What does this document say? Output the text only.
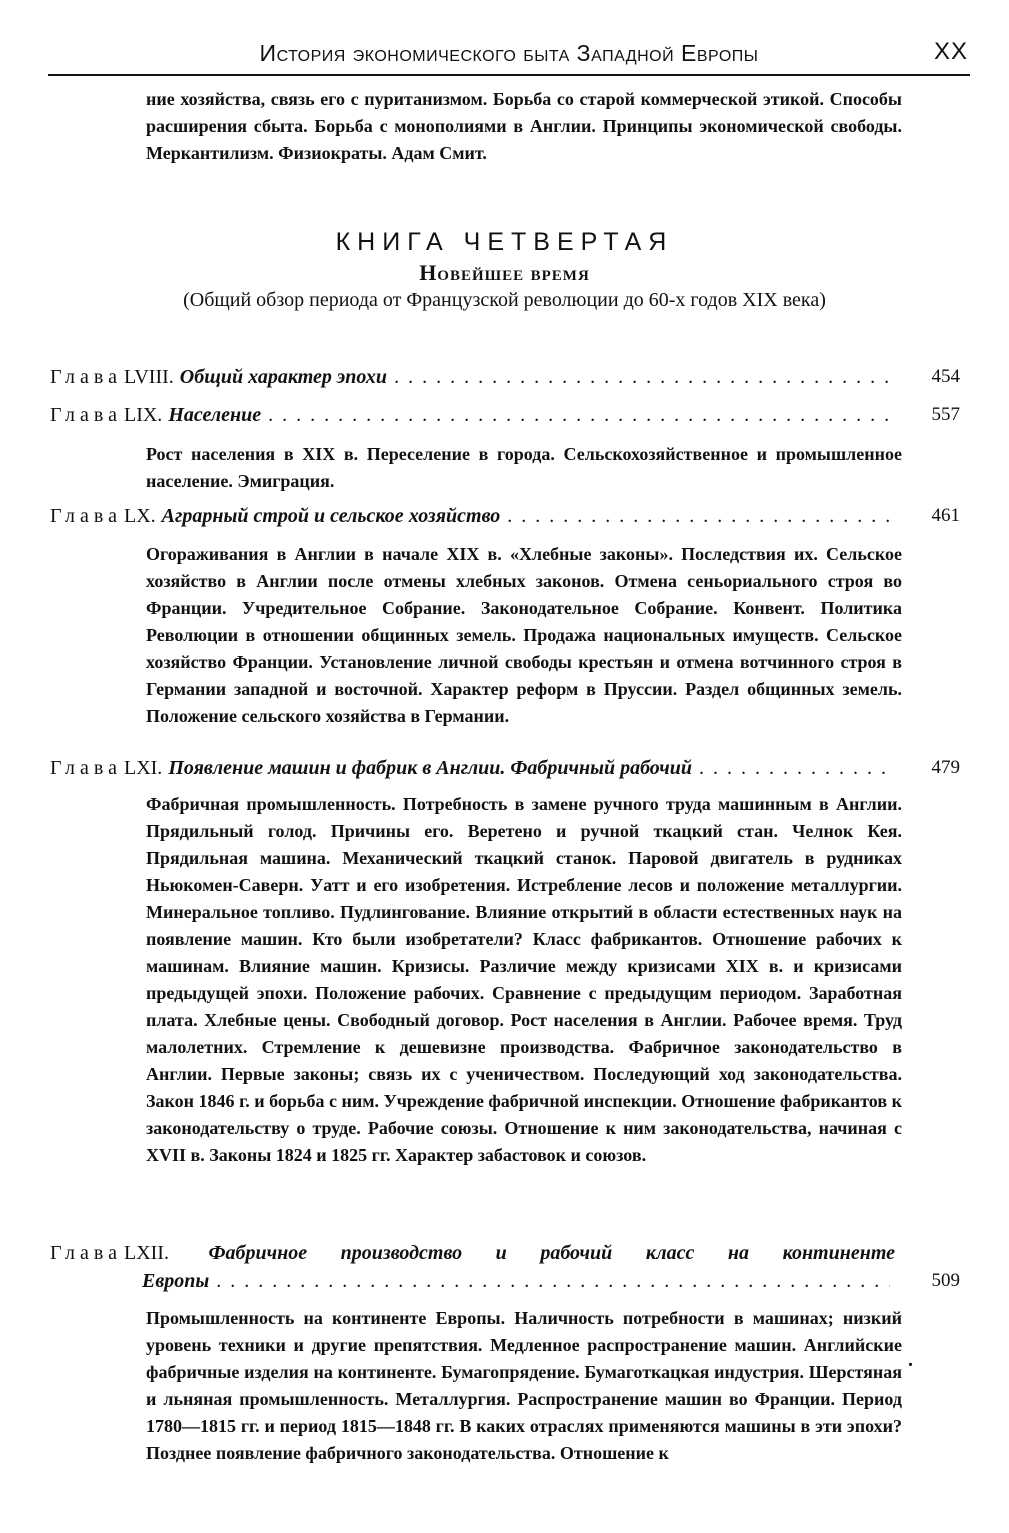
История экономического быта Западной Европы	XX
ние хозяйства, связь его с пуританизмом. Борьба со старой коммерческой этикой. Способы расширения сбыта. Борьба с монополиями в Англии. Принципы экономической свободы. Меркантилизм. Физиократы. Адам Смит.
КНИГА ЧЕТВЕРТАЯ
Новейшее время
(Общий обзор периода от Французской революции до 60-х годов XIX века)
Глава LVIII. Общий характер эпохи . . .	454
Глава LIX. Население . . .	557
Рост населения в XIX в. Переселение в города. Сельскохозяйственное и промышленное население. Эмиграция.
Глава LX. Аграрный строй и сельское хозяйство . . .	461
Огораживания в Англии в начале XIX в. «Хлебные законы». Последствия их. Сельское хозяйство в Англии после отмены хлебных законов. Отмена сеньориального строя во Франции. Учредительное Собрание. Законодательное Собрание. Конвент. Политика Революции в отношении общинных земель. Продажа национальных имуществ. Сельское хозяйство Франции. Установление личной свободы крестьян и отмена вотчинного строя в Германии западной и восточной. Характер реформ в Пруссии. Раздел общинных земель. Положение сельского хозяйства в Германии.
Глава LXI. Появление машин и фабрик в Англии. Фабричный рабочий . . .	479
Фабричная промышленность. Потребность в замене ручного труда машинным в Англии. Прядильный голод. Причины его. Веретено и ручной ткацкий стан. Челнок Кея. Прядильная машина. Механический ткацкий станок. Паровой двигатель в рудниках Ньюкомен-Саверн. Уатт и его изобретения. Истребление лесов и положение металлургии. Минеральное топливо. Пудлингование. Влияние открытий в области естественных наук на появление машин. Кто были изобретатели? Класс фабрикантов. Отношение рабочих к машинам. Влияние машин. Кризисы. Различие между кризисами XIX в. и кризисами предыдущей эпохи. Положение рабочих. Сравнение с предыдущим периодом. Заработная плата. Хлебные цены. Свободный договор. Рост населения в Англии. Рабочее время. Труд малолетних. Стремление к дешевизне производства. Фабричное законодательство в Англии. Первые законы; связь их с ученичеством. Последующий ход законодательства. Закон 1846 г. и борьба с ним. Учреждение фабричной инспекции. Отношение фабрикантов к законодательству о труде. Рабочие союзы. Отношение к ним законодательства, начиная с XVII в. Законы 1824 и 1825 гг. Характер забастовок и союзов.
Глава LXII. Фабричное производство и рабочий класс на континенте
Европы . . .	509
Промышленность на континенте Европы. Наличность потребности в машинах; низкий уровень техники и другие препятствия. Медленное распространение машин. Английские фабричные изделия на континенте. Бумагопрядение. Бумаготкацкая индустрия. Шерстяная и льняная промышленность. Металлургия. Распространение машин во Франции. Период 1780—1815 гг. и период 1815—1848 гг. В каких отраслях применяются машины в эти эпохи? Позднее появление фабричного законодательства. Отношение к
.
